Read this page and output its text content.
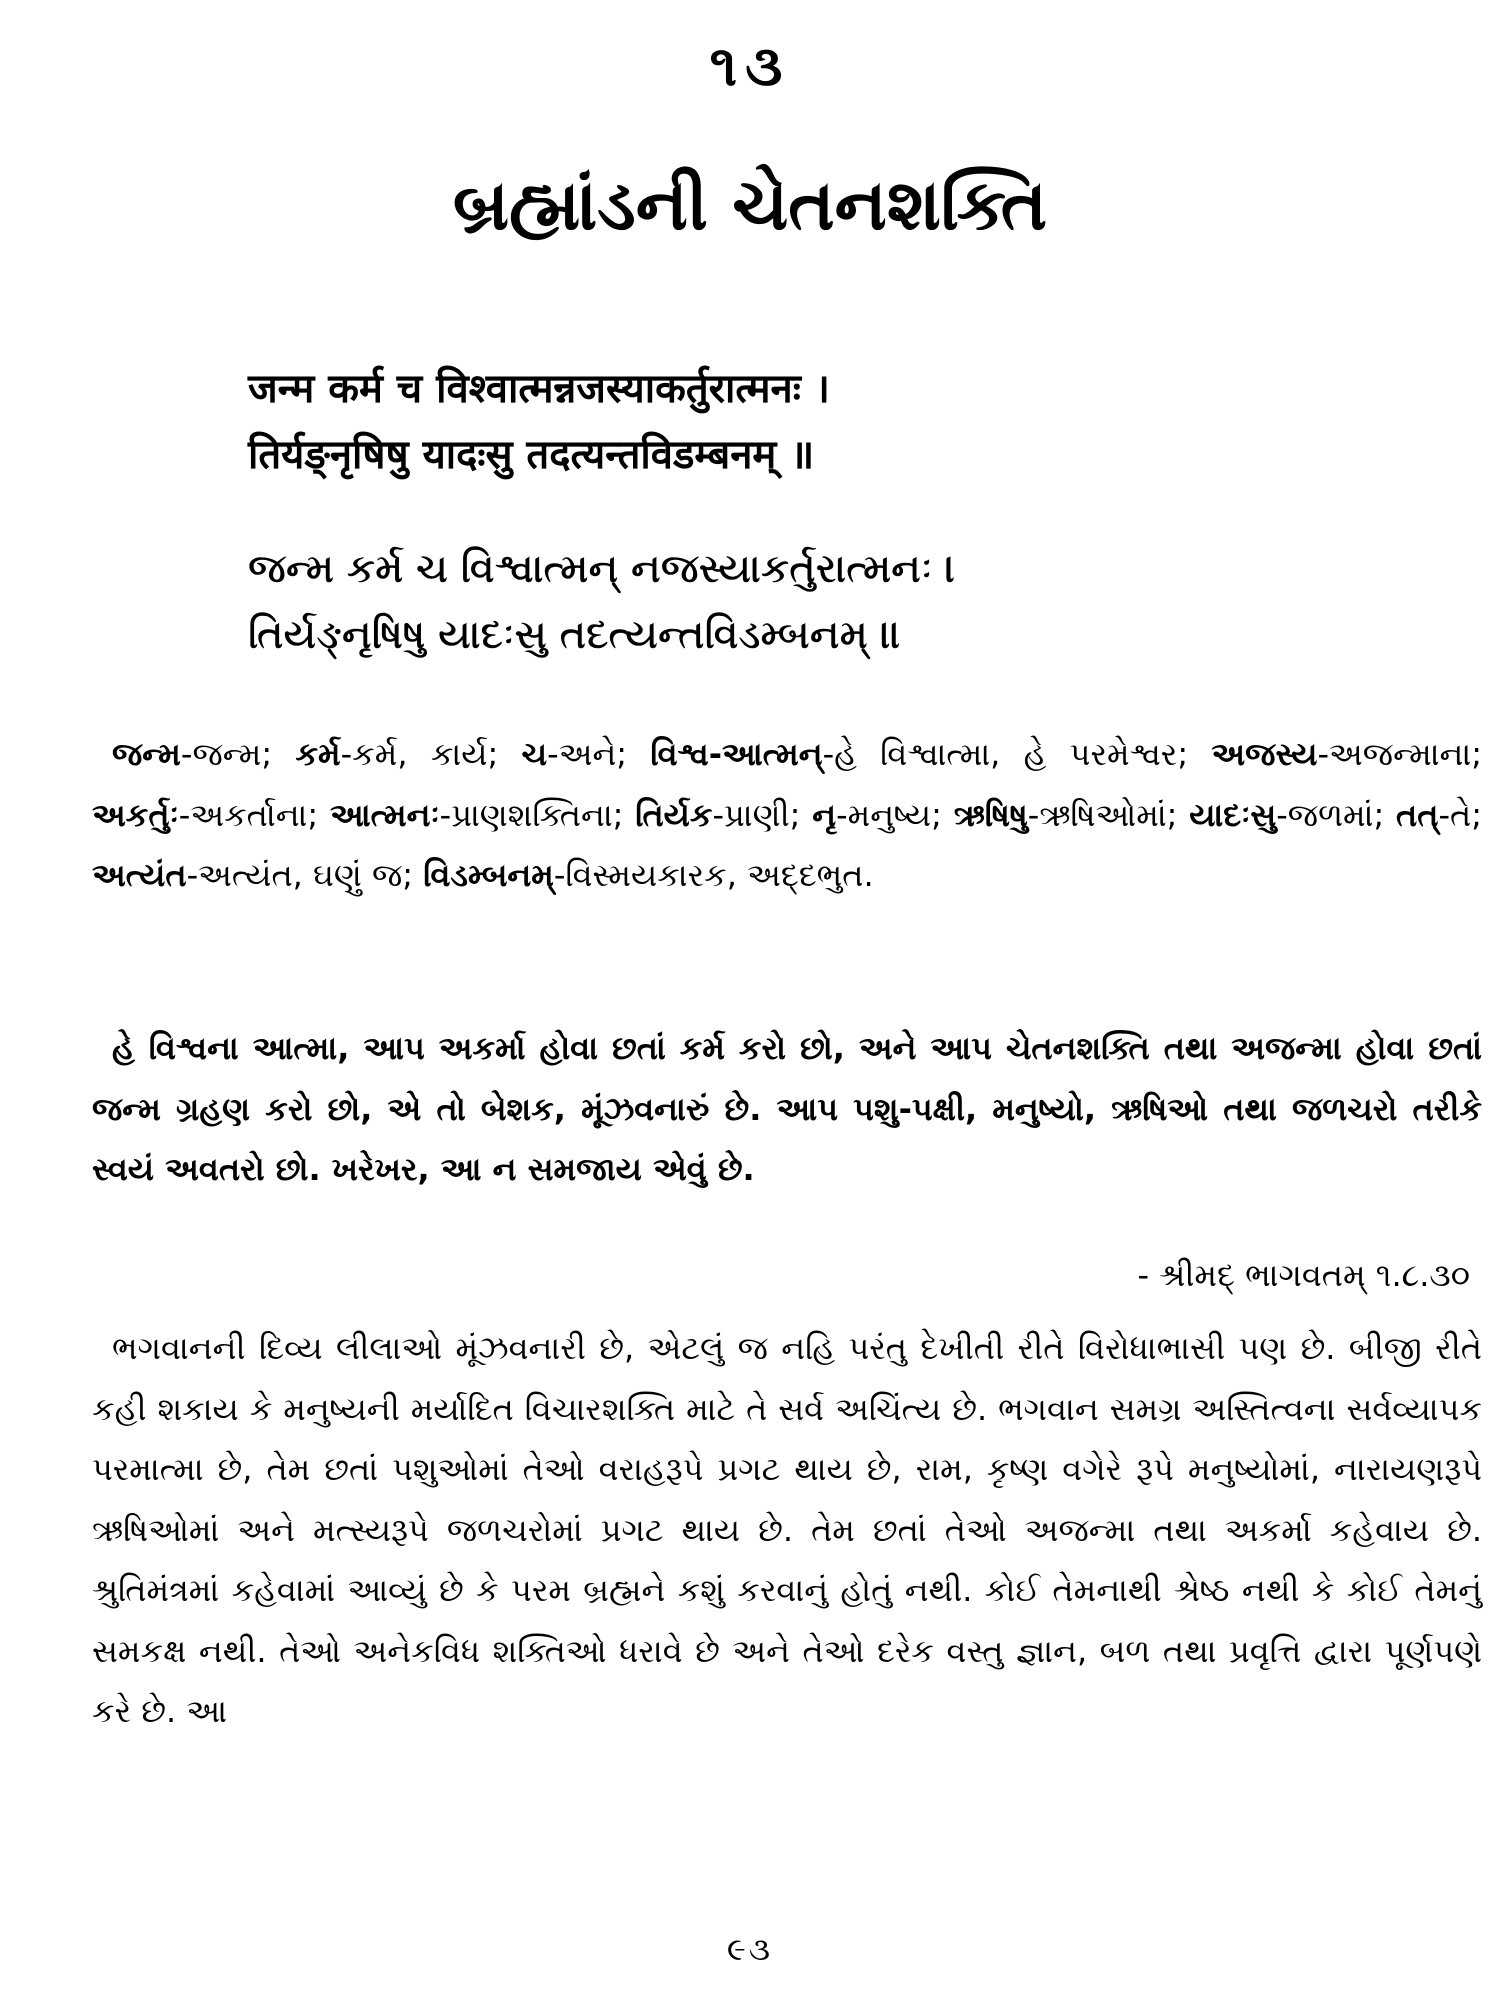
૧૩
બ્રહ્માંડની ચેતનશક્તિ
जन्म कर्म च विश्वात्मन्नजस्याकर्तुरात्मनः ।
तिर्यङ्नृषिषु यादःसु तदत्यन्तविडम्बनम् ॥
જન્મ કર્મ ચ વિશ્વાત્મન્ નજસ્યાકર્તુરાત્મનઃ ।
તિર્યઙ્નૃષિષુ યાદઃસુ તદત્યન્તવિડમ્બનમ્ ॥
જન્મ-જન્મ; કર્મ-કર્મ, કાર્ય; ચ-અને; વિશ્વ-આત્મન્-હે વિશ્વાત્મા, હે પરમેશ્વર; અજસ્ય-અજન્માના; અકર્તુઃ-અકર્તાના; આત્મનઃ-પ્રાણશક્તિના; તિર્યક-પ્રાણી; નૃ-મનુષ્ય; ઋષિષુ-ઋષિઓમાં; યાદઃસુ-જળમાં; તત્-તે; અત્યંત-અત્યંત, ઘણું જ; વિડમ્બનમ્-વિસ્મયકારક, અદ્દભુત.
હે વિશ્વના આત્મા, આપ અકર્મા હોવા છતાં કર્મ કરો છો, અને આપ ચેતનશક્તિ તથા અજન્મા હોવા છતાં જન્મ ગ્રહણ કરો છો, એ તો બેશક, મૂંઝવનારું છે. આપ પશુ-પક્ષી, મનુષ્યો, ઋષિઓ તથા જળચરો તરીકે સ્વયં અવતરો છો. ખરેખર, આ ન સમજાય એવું છે.
- શ્રીમદ્ ભાગવતમ્ ૧.૮.૩૦
ભગવાનની દિવ્ય લીલાઓ મૂંઝવનારી છે, એટલું જ નહિ પરંતુ દેખીતી રીતે વિરોધાભાસી પણ છે. બીજી રીતે કહી શકાય કે મનુષ્યની મર્યાદિત વિચારશક્તિ માટે તે સર્વ અચિંત્ય છે. ભગવાન સમગ્ર અસ્તિત્વના સર્વવ્યાપક પરમાત્મા છે, તેમ છતાં પશુઓમાં તેઓ વરાહરૂપે પ્રગટ થાય છે, રામ, કૃષ્ણ વગેરે રૂપે મનુષ્યોમાં, નારાયણરૂપે ઋષિઓમાં અને મત્સ્યરૂપે જળચરોમાં પ્રગટ થાય છે. તેમ છતાં તેઓ અજન્મા તથા અકર્મા કહેવાય છે. શ્રુતિમંત્રમાં કહેવામાં આવ્યું છે કે પરમ બ્રહ્મને કશું કરવાનું હોતું નથી. કોઈ તેમનાથી શ્રેષ્ઠ નથી કે કોઈ તેમનું સમકક્ષ નથી. તેઓ અનેકવિધ શક્તિઓ ધરાવે છે અને તેઓ દરેક વસ્તુ જ્ઞાન, બળ તથા પ્રવૃત્તિ દ્વારા પૂર્ણપણે કરે છે. આ
૯૩
